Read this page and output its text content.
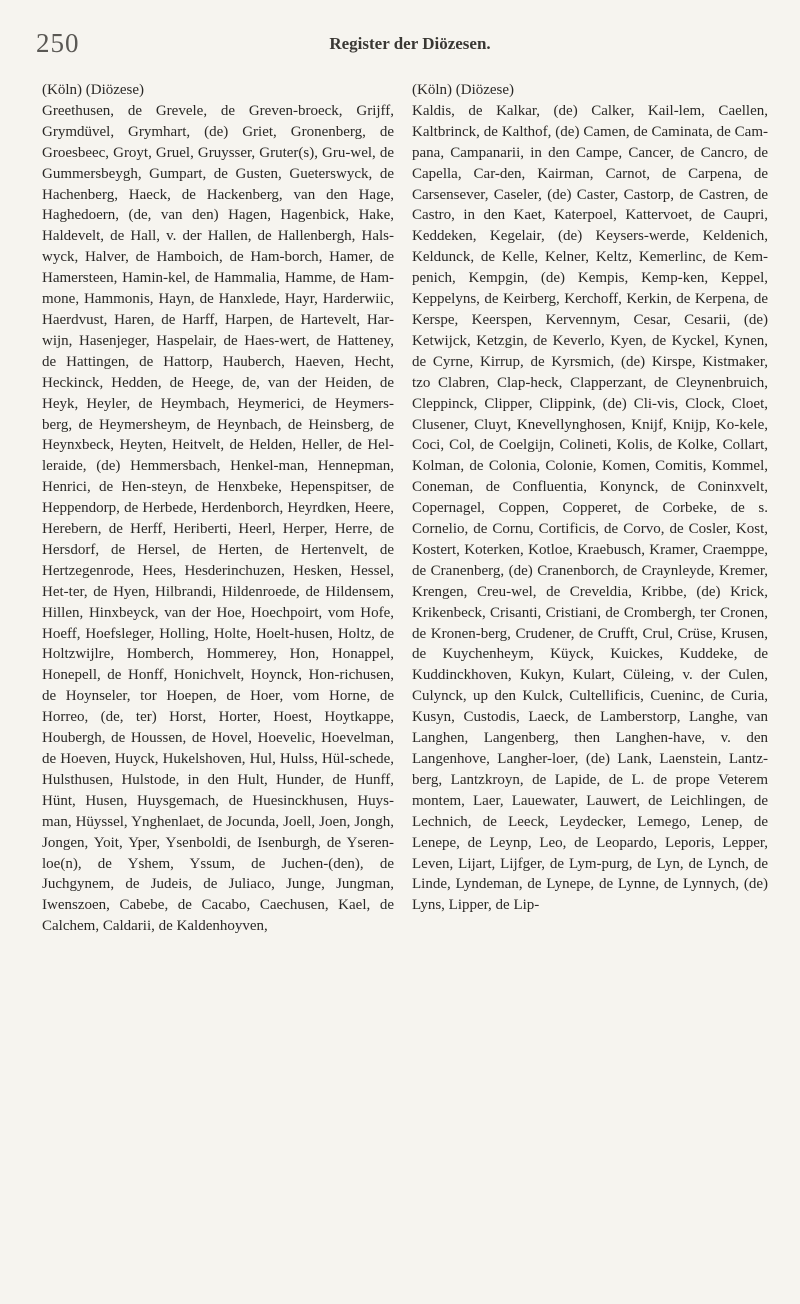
250	Register der Diözesen.
(Köln) (Diözese)
Greethusen, de Grevele, de Greven-broeck, Grijff, Grymdüvel, Grymhart, (de) Griet, Gronenberg, de Groesbeec, Groyt, Gruel, Gruysser, Gruter(s), Gru-wel, de Gummersbeygh, Gumpart, de Gusten, Gueterswyck, de Hachenberg, Haeck, de Hackenberg, van den Hage, Haghedoern, (de, van den) Hagen, Hagenbick, Hake, Haldevelt, de Hall, v. der Hallen, de Hallenbergh, Hals-wyck, Halver, de Hamboich, de Ham-borch, Hamer, de Hamersteen, Hamin-kel, de Hammalia, Hamme, de Ham-mone, Hammonis, Hayn, de Hanxlede, Hayr, Harderwiic, Haerdvust, Haren, de Harff, Harpen, de Hartevelt, Har-wijn, Hasenjeger, Haspelair, de Haes-wert, de Hatteney, de Hattingen, de Hattorp, Hauberch, Haeven, Hecht, Heckinck, Hedden, de Heege, de, van der Heiden, de Heyk, Heyler, de Heymbach, Heymerici, de Heymers-berg, de Heymersheym, de Heynbach, de Heinsberg, de Heynxbeck, Heyten, Heitvelt, de Helden, Heller, de Hel-leraide, (de) Hemmersbach, Henkel-man, Hennepman, Henrici, de Hen-steyn, de Henxbeke, Hepenspitser, de Heppendorp, de Herbede, Herdenborch, Heyrdken, Heere, Herebern, de Herff, Heriberti, Heerl, Herper, Herre, de Hersdorf, de Hersel, de Herten, de Hertenvelt, de Hertzegenrode, Hees, Hesderinchuzen, Hesken, Hessel, Het-ter, de Hyen, Hilbrandi, Hildenroede, de Hildensem, Hillen, Hinxbeyck, van der Hoe, Hoechpoirt, vom Hofe, Hoeff, Hoefsleger, Holling, Holte, Hoelt-husen, Holtz, de Holtzwijlre, Homberch, Hommerey, Hon, Honappel, Honepell, de Honff, Honichvelt, Hoynck, Hon-richusen, de Hoynseler, tor Hoepen, de Hoer, vom Horne, de Horreo, (de, ter) Horst, Horter, Hoest, Hoytkappe, Houbergh, de Houssen, de Hovel, Hoevelic, Hoevelman, de Hoeven, Huyck, Hukelshoven, Hul, Hulss, Hül-schede, Hulsthusen, Hulstode, in den Hult, Hunder, de Hunff, Hünt, Husen, Huysgemach, de Huesinckhusen, Huys-man, Hüyssel, Ynghenlaet, de Jocunda, Joell, Joen, Jongh, Jongen, Yoit, Yper, Ysenboldi, de Isenburgh, de Yseren-loe(n), de Yshem, Yssum, de Juchen-(den), de Juchgynem, de Judeis, de Juliaco, Junge, Jungman, Iwenszoen, Cabebe, de Cacabo, Caechusen, Kael, de Calchem, Caldarii, de Kaldenhoyven,
(Köln) (Diözese)
Kaldis, de Kalkar, (de) Calker, Kail-lem, Caellen, Kaltbrinck, de Kalthof, (de) Camen, de Caminata, de Cam-pana, Campanarii, in den Campe, Cancer, de Cancro, de Capella, Car-den, Kairman, Carnot, de Carpena, de Carsensever, Caseler, (de) Caster, Castorp, de Castren, de Castro, in den Kaet, Katerpoel, Kattervoet, de Caupri, Keddeken, Kegelair, (de) Keysers-werde, Keldenich, Keldunck, de Kelle, Kelner, Keltz, Kemerlinc, de Kem-penich, Kempgin, (de) Kempis, Kemp-ken, Keppel, Keppelyns, de Keirberg, Kerchoff, Kerkin, de Kerpena, de Kerspe, Keerspen, Kervennym, Cesar, Cesarii, (de) Ketwijck, Ketzgin, de Keverlo, Kyen, de Kyckel, Kynen, de Cyrne, Kirrup, de Kyrsmich, (de) Kirspe, Kistmaker, tzo Clabren, Clap-heck, Clapperzant, de Cleynenbruich, Cleppinck, Clipper, Clippink, (de) Cli-vis, Clock, Cloet, Clusener, Cluyt, Knevellynghosen, Knijf, Knijp, Ko-kele, Coci, Col, de Coelgijn, Colineti, Kolis, de Kolke, Collart, Kolman, de Colonia, Colonie, Komen, Comitis, Kommel, Coneman, de Confluentia, Konynck, de Coninxvelt, Copernagel, Coppen, Copperet, de Corbeke, de s. Cornelio, de Cornu, Cortificis, de Corvo, de Cosler, Kost, Kostert, Koterken, Kotloe, Kraebusch, Kramer, Craemppe, de Cranenberg, (de) Cranenborch, de Craynleyde, Kremer, Krengen, Creu-wel, de Creveldia, Kribbe, (de) Krick, Krikenbeck, Crisanti, Cristiani, de Crombergh, ter Cronen, de Kronen-berg, Crudener, de Crufft, Crul, Crüse, Krusen, de Kuychenheym, Küyck, Kuickes, Kuddeke, de Kuddinckhoven, Kukyn, Kulart, Cüleing, v. der Culen, Culynck, up den Kulck, Cultellificis, Cueninc, de Curia, Kusyn, Custodis, Laeck, de Lamberstorp, Langhe, van Langhen, Langenberg, then Langhen-have, v. den Langenhove, Langher-loer, (de) Lank, Laenstein, Lantz-berg, Lantzkroyn, de Lapide, de L. de prope Veterem montem, Laer, Lauewater, Lauwert, de Leichlingen, de Lechnich, de Leeck, Leydecker, Lemego, Lenep, de Lenepe, de Leynp, Leo, de Leopardo, Leporis, Lepper, Leven, Lijart, Lijfger, de Lym-purg, de Lyn, de Lynch, de Linde, Lyndeman, de Lynepe, de Lynne, de Lynnych, (de) Lyns, Lipper, de Lip-
